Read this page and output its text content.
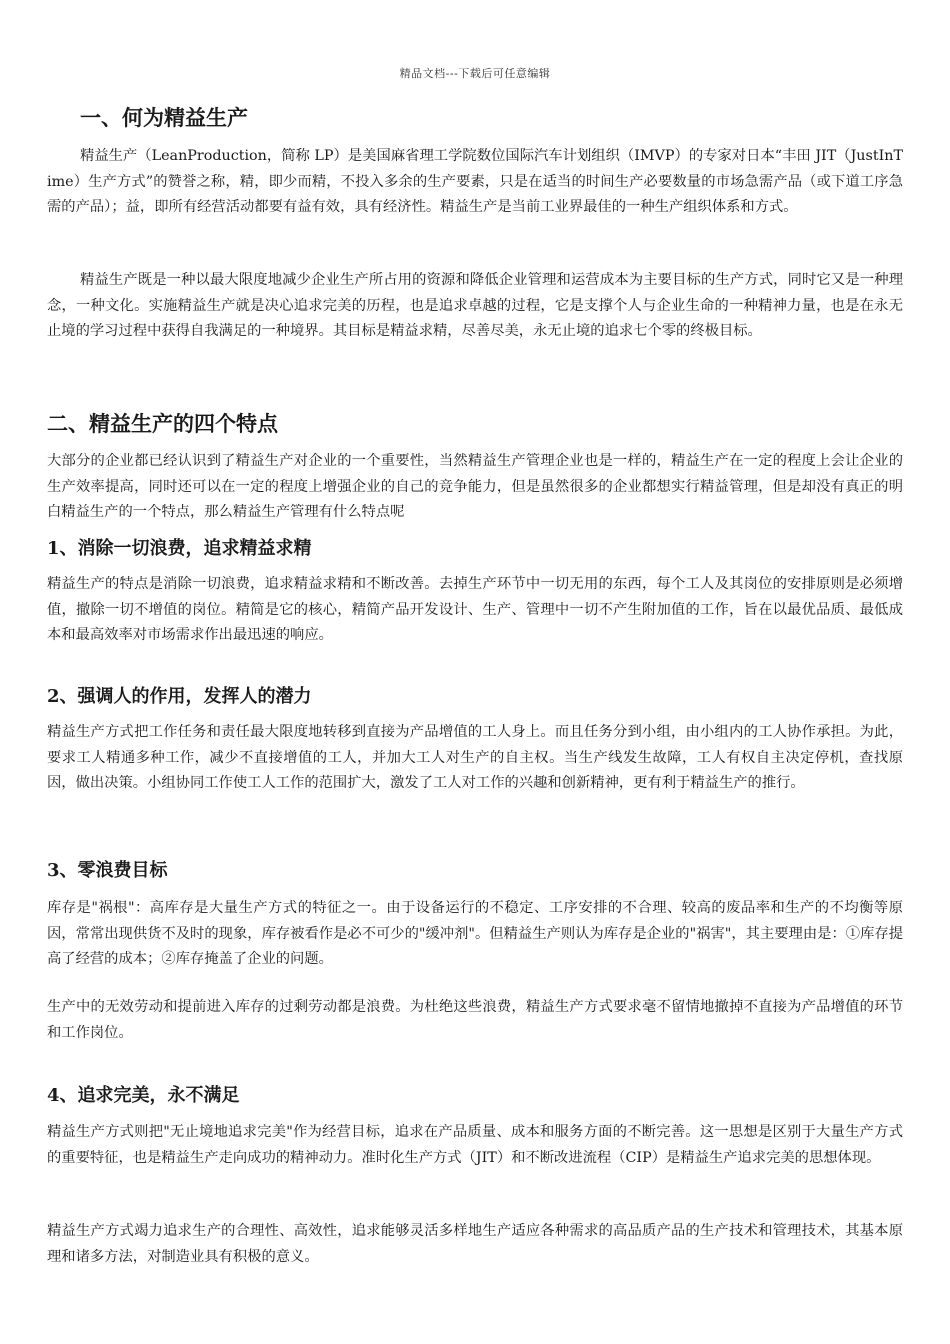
精品文档---下载后可任意编辑
一、何为精益生产

精益生产（LeanProduction，简称 LP）是美国麻省理工学院数位国际汽车计划组织（IMVP）的专家对日本“丰田 JIT（JustInTime）生产方式”的赞誉之称，精，即少而精，不投入多余的生产要素，只是在适当的时间生产必要数量的市场急需产品（或下道工序急需的产品）；益，即所有经营活动都要有益有效，具有经济性。精益生产是当前工业界最佳的一种生产组织体系和方式。

精益生产既是一种以最大限度地减少企业生产所占用的资源和降低企业管理和运营成本为主要目标的生产方式，同时它又是一种理念，一种文化。实施精益生产就是决心追求完美的历程，也是追求卓越的过程，它是支撑个人与企业生命的一种精神力量，也是在永无止境的学习过程中获得自我满足的一种境界。其目标是精益求精，尽善尽美，永无止境的追求七个零的终极目标。

二、精益生产的四个特点

大部分的企业都已经认识到了精益生产对企业的一个重要性，当然精益生产管理企业也是一样的，精益生产在一定的程度上会让企业的生产效率提高，同时还可以在一定的程度上增强企业的自己的竞争能力，但是虽然很多的企业都想实行精益管理，但是却没有真正的明白精益生产的一个特点，那么精益生产管理有什么特点呢

1、消除一切浪费，追求精益求精

精益生产的特点是消除一切浪费，追求精益求精和不断改善。去掉生产环节中一切无用的东西，每个工人及其岗位的安排原则是必须增值，撤除一切不增值的岗位。精简是它的核心，精简产品开发设计、生产、管理中一切不产生附加值的工作，旨在以最优品质、最低成本和最高效率对市场需求作出最迅速的响应。

2、强调人的作用，发挥人的潜力

精益生产方式把工作任务和责任最大限度地转移到直接为产品增值的工人身上。而且任务分到小组，由小组内的工人协作承担。为此，要求工人精通多种工作，减少不直接增值的工人，并加大工人对生产的自主权。当生产线发生故障，工人有权自主决定停机，查找原因，做出决策。小组协同工作使工人工作的范围扩大，激发了工人对工作的兴趣和创新精神，更有利于精益生产的推行。

3、零浪费目标

库存是"祸根"：高库存是大量生产方式的特征之一。由于设备运行的不稳定、工序安排的不合理、较高的废品率和生产的不均衡等原因，常常出现供货不及时的现象，库存被看作是必不可少的"缓冲剂"。但精益生产则认为库存是企业的"祸害"，其主要理由是：①库存提高了经营的成本；②库存掩盖了企业的问题。

生产中的无效劳动和提前进入库存的过剩劳动都是浪费。为杜绝这些浪费，精益生产方式要求毫不留情地撤掉不直接为产品增值的环节和工作岗位。

4、追求完美，永不满足

精益生产方式则把"无止境地追求完美"作为经营目标，追求在产品质量、成本和服务方面的不断完善。这一思想是区别于大量生产方式的重要特征，也是精益生产走向成功的精神动力。准时化生产方式（JIT）和不断改进流程（CIP）是精益生产追求完美的思想体现。

精益生产方式竭力追求生产的合理性、高效性，追求能够灵活多样地生产适应各种需求的高品质产品的生产技术和管理技术，其基本原理和诸多方法，对制造业具有积极的意义。
